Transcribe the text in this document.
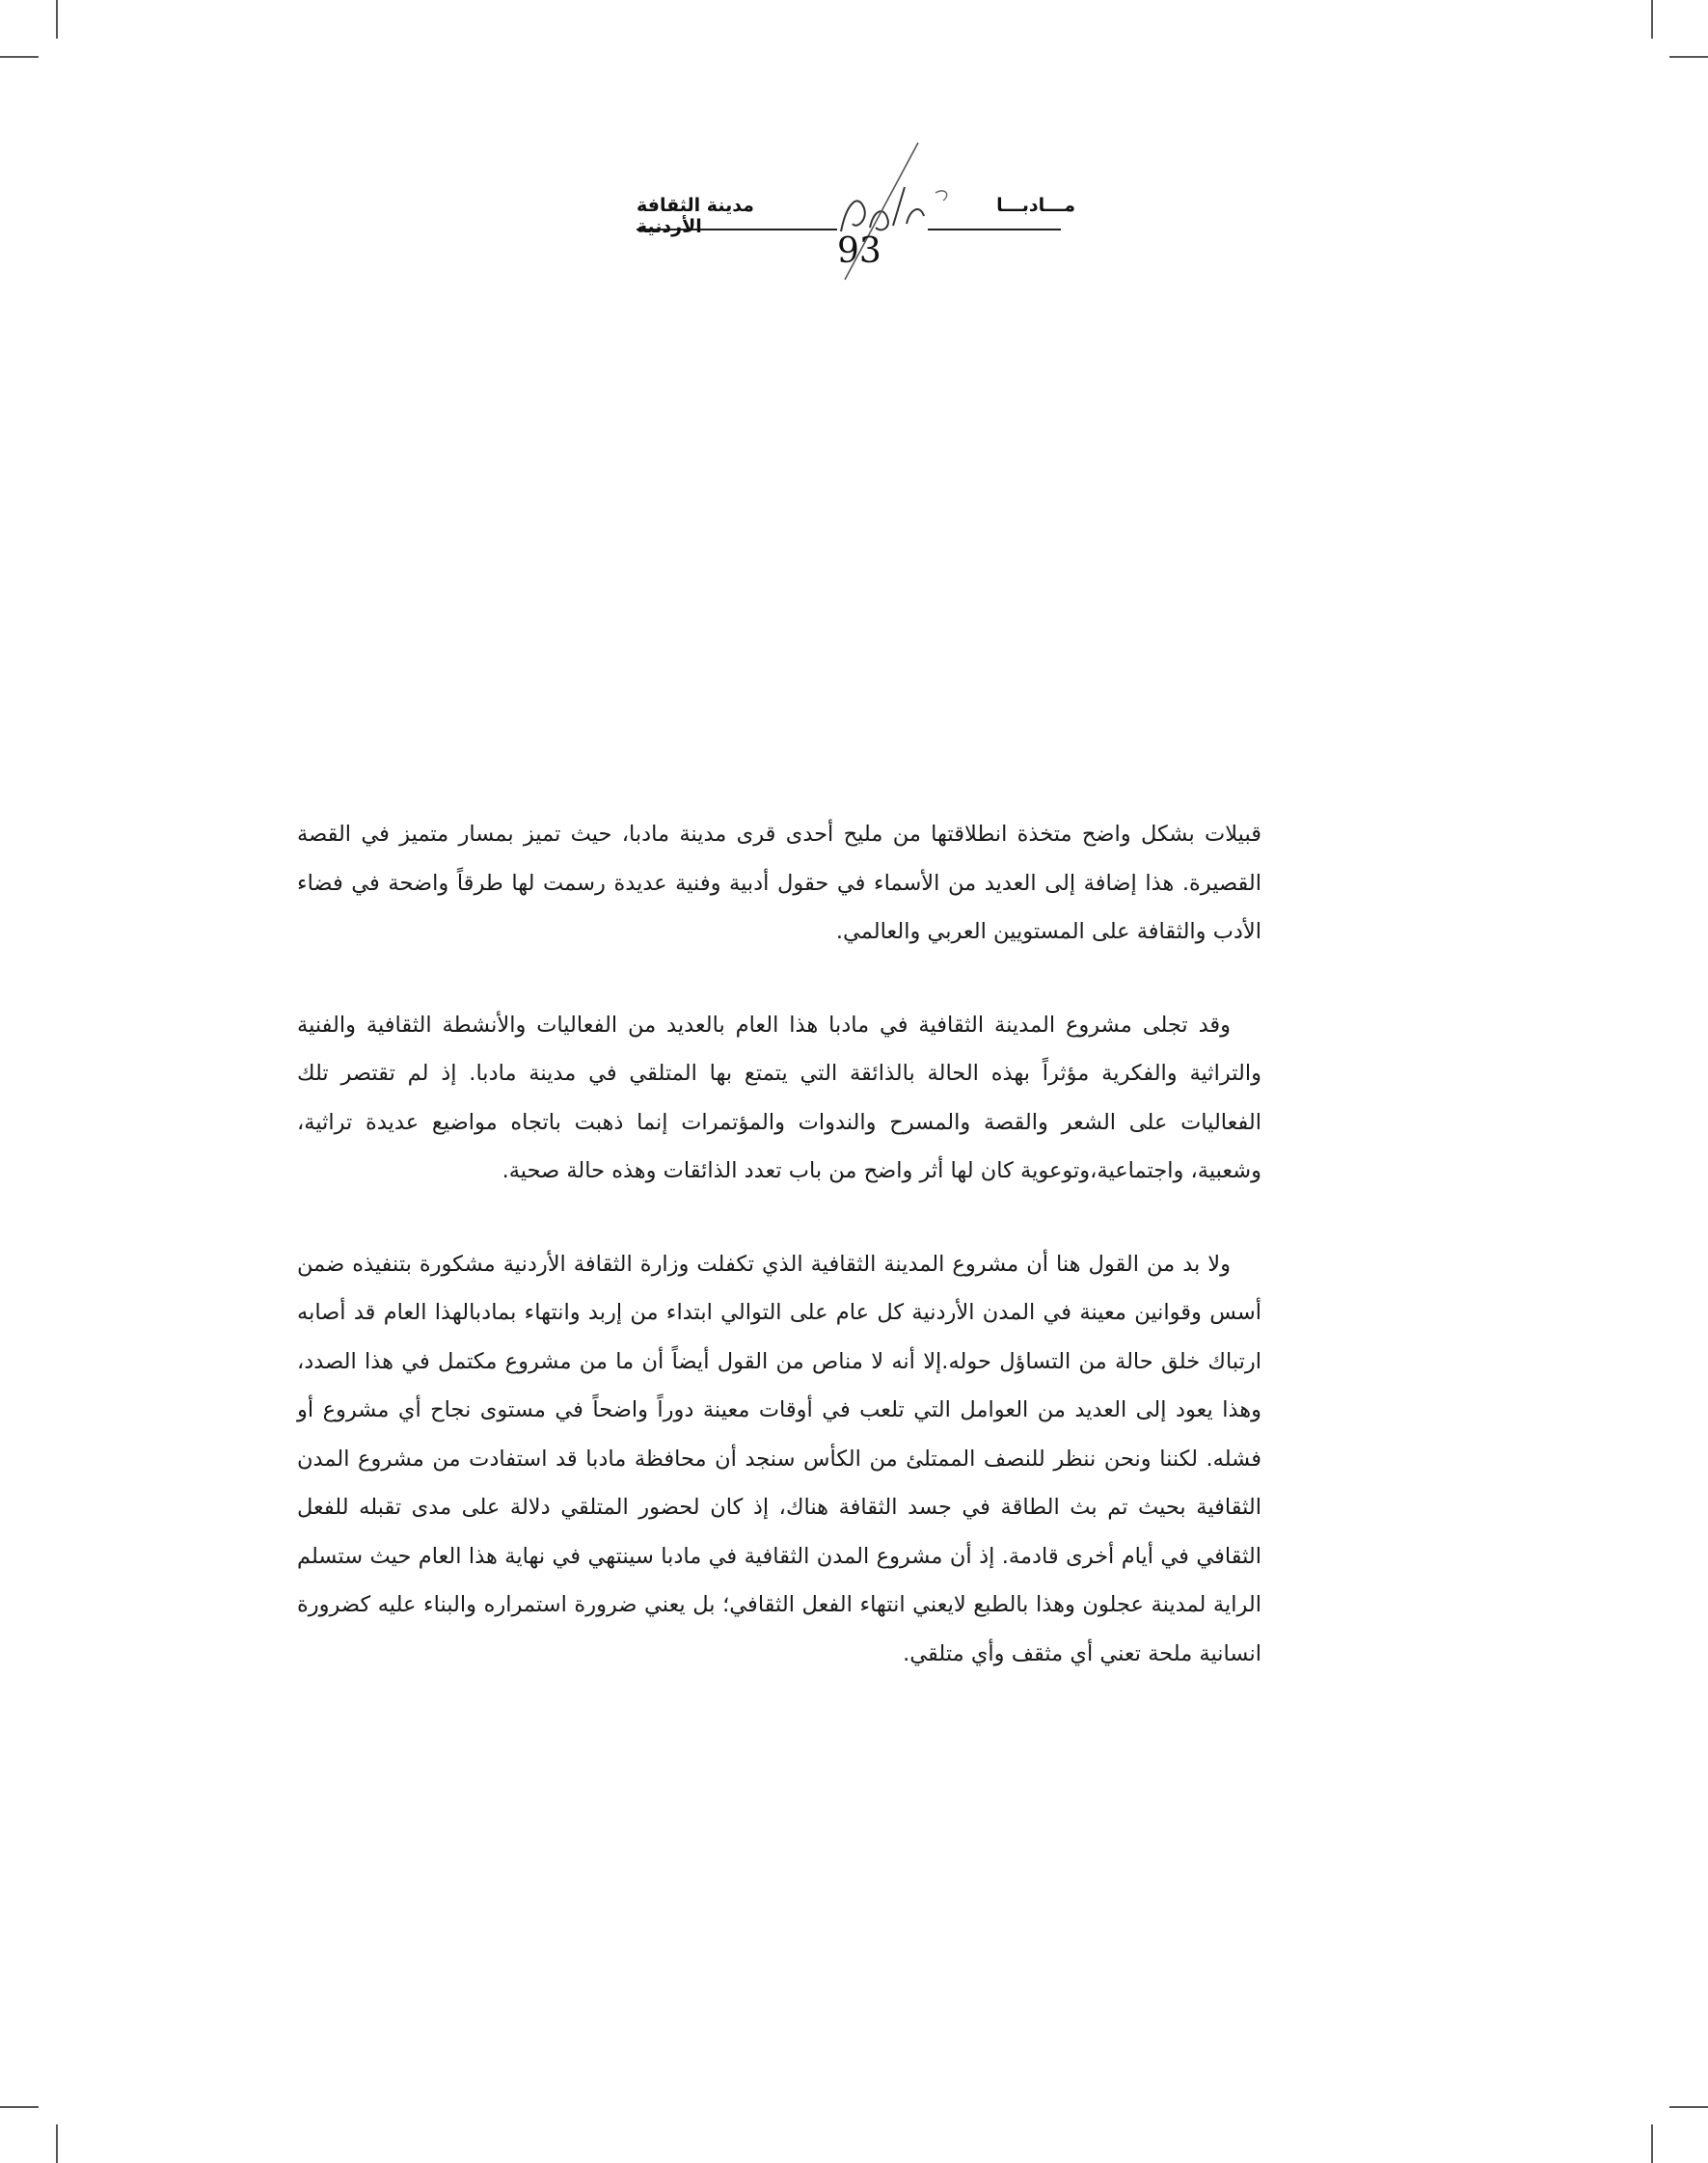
مدينة الثقافة الأردنية
مـــادبـــا
93

قبيلات بشكل واضح متخذة انطلاقتها من مليح أحدى قرى مدينة مادبا، حيث تميز بمسار متميز في القصة القصيرة. هذا إضافة إلى العديد من الأسماء في حقول أدبية وفنية عديدة رسمت لها طرقاً واضحة في فضاء الأدب والثقافة على المستويين العربي والعالمي.

وقد تجلى مشروع المدينة الثقافية في مادبا هذا العام بالعديد من الفعاليات والأنشطة الثقافية والفنية والتراثية والفكرية مؤثراً بهذه الحالة بالذائقة التي يتمتع بها المتلقي في مدينة مادبا. إذ لم تقتصر تلك الفعاليات على الشعر والقصة والمسرح والندوات والمؤتمرات إنما ذهبت باتجاه مواضيع عديدة تراثية، وشعبية، واجتماعية،وتوعوية كان لها أثر واضح من باب تعدد الذائقات وهذه حالة صحية.

ولا بد من القول هنا أن مشروع المدينة الثقافية الذي تكفلت وزارة الثقافة الأردنية مشكورة بتنفيذه ضمن أسس وقوانين معينة في المدن الأردنية كل عام على التوالي ابتداء من إربد وانتهاء بمادبالهذا العام قد أصابه ارتباك خلق حالة من التساؤل حوله.إلا أنه لا مناص من القول أيضاً أن ما من مشروع مكتمل في هذا الصدد، وهذا يعود إلى العديد من العوامل التي تلعب في أوقات معينة دوراً واضحاً في مستوى نجاح أي مشروع أو فشله. لكننا ونحن ننظر للنصف الممتلئ من الكأس سنجد أن محافظة مادبا قد استفادت من مشروع المدن الثقافية بحيث تم بث الطاقة في جسد الثقافة هناك، إذ كان لحضور المتلقي دلالة على مدى تقبله للفعل الثقافي في أيام أخرى قادمة. إذ أن مشروع المدن الثقافية في مادبا سينتهي في نهاية هذا العام حيث ستسلم الراية لمدينة عجلون وهذا بالطبع لايعني انتهاء الفعل الثقافي؛ بل يعني ضرورة استمراره والبناء عليه كضرورة انسانية ملحة تعني أي مثقف وأي متلقي.
